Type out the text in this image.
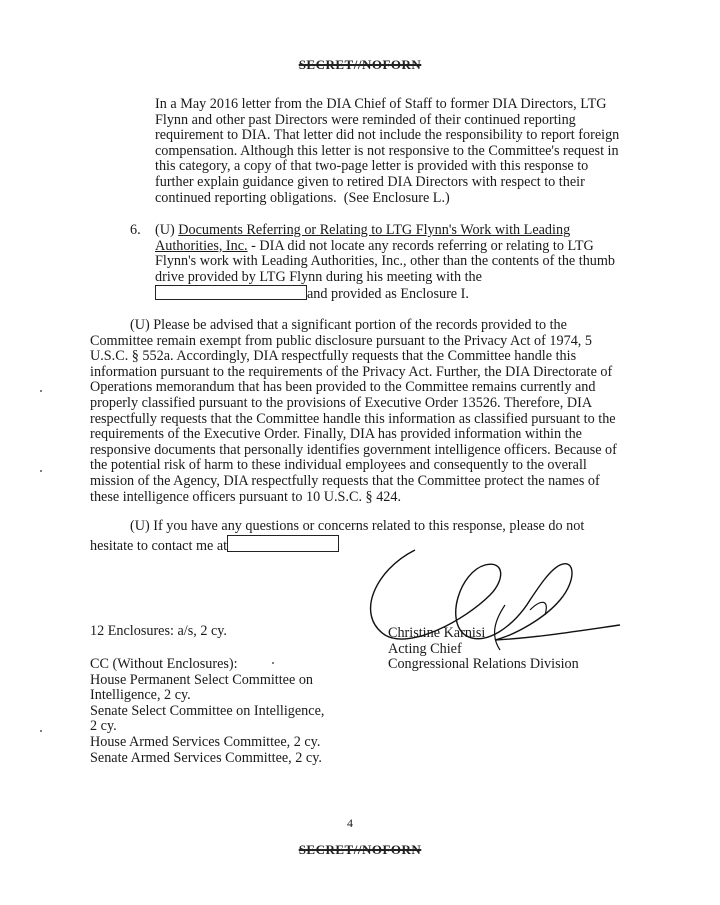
SECRET//NOFORN
In a May 2016 letter from the DIA Chief of Staff to former DIA Directors, LTG Flynn and other past Directors were reminded of their continued reporting requirement to DIA. That letter did not include the responsibility to report foreign compensation. Although this letter is not responsive to the Committee's request in this category, a copy of that two-page letter is provided with this response to further explain guidance given to retired DIA Directors with respect to their continued reporting obligations. (See Enclosure L.)
6.	(U) Documents Referring or Relating to LTG Flynn's Work with Leading Authorities, Inc. - DIA did not locate any records referring or relating to LTG Flynn's work with Leading Authorities, Inc., other than the contents of the thumb drive provided by LTG Flynn during his meeting with theand provided as Enclosure I.
(U) Please be advised that a significant portion of the records provided to the Committee remain exempt from public disclosure pursuant to the Privacy Act of 1974, 5 U.S.C. § 552a. Accordingly, DIA respectfully requests that the Committee handle this information pursuant to the requirements of the Privacy Act. Further, the DIA Directorate of Operations memorandum that has been provided to the Committee remains currently and properly classified pursuant to the provisions of Executive Order 13526. Therefore, DIA respectfully requests that the Committee handle this information as classified pursuant to the requirements of the Executive Order. Finally, DIA has provided information within the responsive documents that personally identifies government intelligence officers. Because of the potential risk of harm to these individual employees and consequently to the overall mission of the Agency, DIA respectfully requests that the Committee protect the names of these intelligence officers pursuant to 10 U.S.C. § 424.
(U) If you have any questions or concerns related to this response, please do not hesitate to contact me at
Christine Karnisi
Acting Chief
Congressional Relations Division
12 Enclosures: a/s, 2 cy.
CC (Without Enclosures):
House Permanent Select Committee on Intelligence, 2 cy.
Senate Select Committee on Intelligence, 2 cy.
House Armed Services Committee, 2 cy.
Senate Armed Services Committee, 2 cy.
4
SECRET//NOFORN
